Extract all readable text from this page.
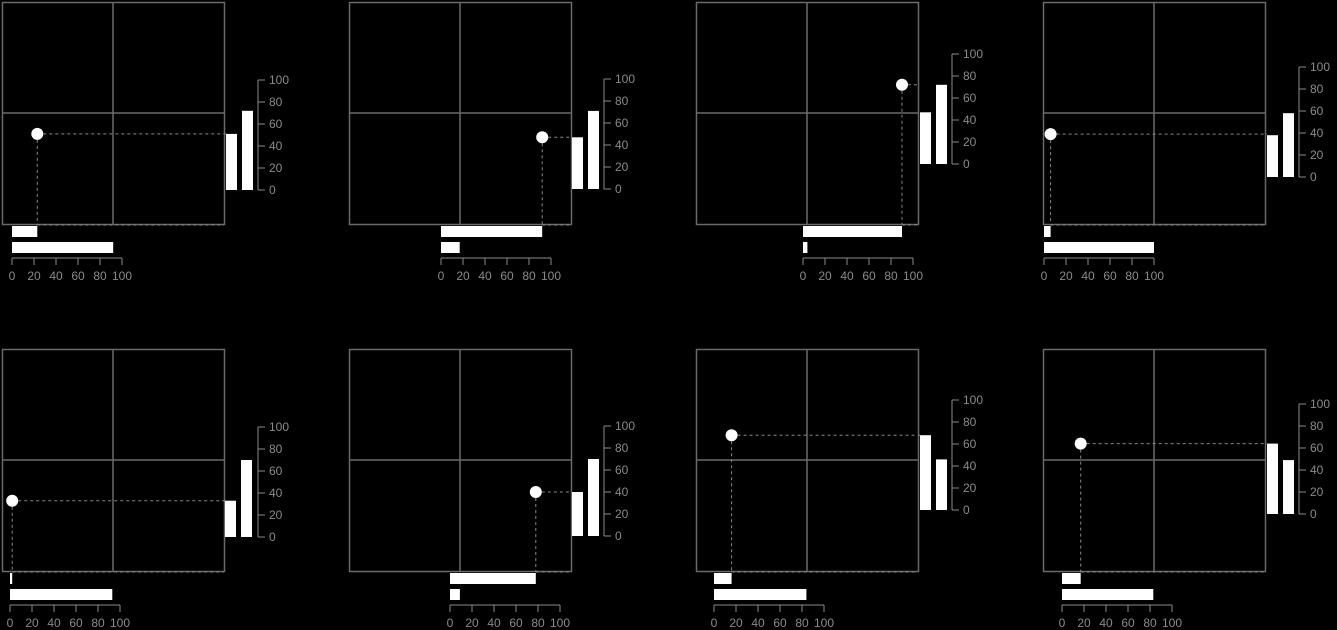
0 20 40 60 80 100
0
20
40
60
80
100
0 20 40 60 80 100
0
20
40
60
80
100
0 20 40 60 80 100
0
20
40
60
80
100
0 20 40 60 80 100
0
20
40
60
80
100
0 20 40 60 80 100
0
20
40
60
80
100
0 20 40 60 80 100
0
20
40
60
80
100
0 20 40 60 80 100
0
20
40
60
80
100
0 20 40 60 80 100
0
20
40
60
80
100
